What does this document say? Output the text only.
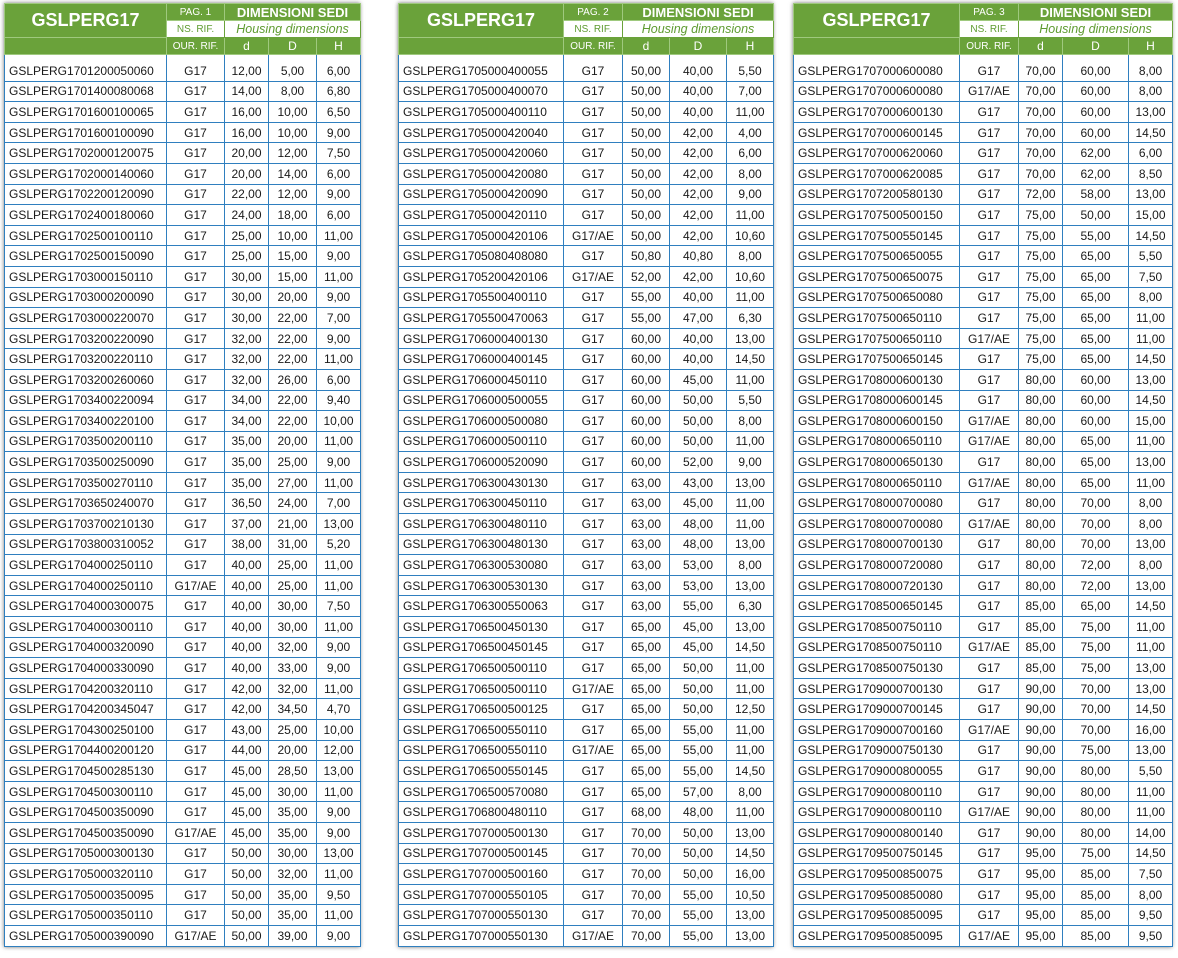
GSLPERG17	PAG. 1	DIMENSIONI SEDI		
	NS. RIF.	Housing dimensions		
	OUR. RIF.	d	D	H

GSLPERG1701200050060	G17	12,00	5,00	6,00
GSLPERG1701400080068	G17	14,00	8,00	6,80
GSLPERG1701600100065	G17	16,00	10,00	6,50
GSLPERG1701600100090	G17	16,00	10,00	9,00
GSLPERG1702000120075	G17	20,00	12,00	7,50
GSLPERG1702000140060	G17	20,00	14,00	6,00
GSLPERG1702200120090	G17	22,00	12,00	9,00
GSLPERG1702400180060	G17	24,00	18,00	6,00
GSLPERG1702500100110	G17	25,00	10,00	11,00
GSLPERG1702500150090	G17	25,00	15,00	9,00
GSLPERG1703000150110	G17	30,00	15,00	11,00
GSLPERG1703000200090	G17	30,00	20,00	9,00
GSLPERG1703000220070	G17	30,00	22,00	7,00
GSLPERG1703200220090	G17	32,00	22,00	9,00
GSLPERG1703200220110	G17	32,00	22,00	11,00
GSLPERG1703200260060	G17	32,00	26,00	6,00
GSLPERG1703400220094	G17	34,00	22,00	9,40
GSLPERG1703400220100	G17	34,00	22,00	10,00
GSLPERG1703500200110	G17	35,00	20,00	11,00
GSLPERG1703500250090	G17	35,00	25,00	9,00
GSLPERG1703500270110	G17	35,00	27,00	11,00
GSLPERG1703650240070	G17	36,50	24,00	7,00
GSLPERG1703700210130	G17	37,00	21,00	13,00
GSLPERG1703800310052	G17	38,00	31,00	5,20
GSLPERG1704000250110	G17	40,00	25,00	11,00
GSLPERG1704000250110	G17/AE	40,00	25,00	11,00
GSLPERG1704000300075	G17	40,00	30,00	7,50
GSLPERG1704000300110	G17	40,00	30,00	11,00
GSLPERG1704000320090	G17	40,00	32,00	9,00
GSLPERG1704000330090	G17	40,00	33,00	9,00
GSLPERG1704200320110	G17	42,00	32,00	11,00
GSLPERG1704200345047	G17	42,00	34,50	4,70
GSLPERG1704300250100	G17	43,00	25,00	10,00
GSLPERG1704400200120	G17	44,00	20,00	12,00
GSLPERG1704500285130	G17	45,00	28,50	13,00
GSLPERG1704500300110	G17	45,00	30,00	11,00
GSLPERG1704500350090	G17	45,00	35,00	9,00
GSLPERG1704500350090	G17/AE	45,00	35,00	9,00
GSLPERG1705000300130	G17	50,00	30,00	13,00
GSLPERG1705000320110	G17	50,00	32,00	11,00
GSLPERG1705000350095	G17	50,00	35,00	9,50
GSLPERG1705000350110	G17	50,00	35,00	11,00
GSLPERG1705000390090	G17/AE	50,00	39,00	9,00
GSLPERG17	PAG. 2	DIMENSIONI SEDI		
	NS. RIF.	Housing dimensions		
	OUR. RIF.	d	D	H

GSLPERG1705000400055	G17	50,00	40,00	5,50
GSLPERG1705000400070	G17	50,00	40,00	7,00
GSLPERG1705000400110	G17	50,00	40,00	11,00
GSLPERG1705000420040	G17	50,00	42,00	4,00
GSLPERG1705000420060	G17	50,00	42,00	6,00
GSLPERG1705000420080	G17	50,00	42,00	8,00
GSLPERG1705000420090	G17	50,00	42,00	9,00
GSLPERG1705000420110	G17	50,00	42,00	11,00
GSLPERG1705000420106	G17/AE	50,00	42,00	10,60
GSLPERG1705080408080	G17	50,80	40,80	8,00
GSLPERG1705200420106	G17/AE	52,00	42,00	10,60
GSLPERG1705500400110	G17	55,00	40,00	11,00
GSLPERG1705500470063	G17	55,00	47,00	6,30
GSLPERG1706000400130	G17	60,00	40,00	13,00
GSLPERG1706000400145	G17	60,00	40,00	14,50
GSLPERG1706000450110	G17	60,00	45,00	11,00
GSLPERG1706000500055	G17	60,00	50,00	5,50
GSLPERG1706000500080	G17	60,00	50,00	8,00
GSLPERG1706000500110	G17	60,00	50,00	11,00
GSLPERG1706000520090	G17	60,00	52,00	9,00
GSLPERG1706300430130	G17	63,00	43,00	13,00
GSLPERG1706300450110	G17	63,00	45,00	11,00
GSLPERG1706300480110	G17	63,00	48,00	11,00
GSLPERG1706300480130	G17	63,00	48,00	13,00
GSLPERG1706300530080	G17	63,00	53,00	8,00
GSLPERG1706300530130	G17	63,00	53,00	13,00
GSLPERG1706300550063	G17	63,00	55,00	6,30
GSLPERG1706500450130	G17	65,00	45,00	13,00
GSLPERG1706500450145	G17	65,00	45,00	14,50
GSLPERG1706500500110	G17	65,00	50,00	11,00
GSLPERG1706500500110	G17/AE	65,00	50,00	11,00
GSLPERG1706500500125	G17	65,00	50,00	12,50
GSLPERG1706500550110	G17	65,00	55,00	11,00
GSLPERG1706500550110	G17/AE	65,00	55,00	11,00
GSLPERG1706500550145	G17	65,00	55,00	14,50
GSLPERG1706500570080	G17	65,00	57,00	8,00
GSLPERG1706800480110	G17	68,00	48,00	11,00
GSLPERG1707000500130	G17	70,00	50,00	13,00
GSLPERG1707000500145	G17	70,00	50,00	14,50
GSLPERG1707000500160	G17	70,00	50,00	16,00
GSLPERG1707000550105	G17	70,00	55,00	10,50
GSLPERG1707000550130	G17	70,00	55,00	13,00
GSLPERG1707000550130	G17/AE	70,00	55,00	13,00
GSLPERG17	PAG. 3	DIMENSIONI SEDI		
	NS. RIF.	Housing dimensions		
	OUR. RIF.	d	D	H

GSLPERG1707000600080	G17	70,00	60,00	8,00
GSLPERG1707000600080	G17/AE	70,00	60,00	8,00
GSLPERG1707000600130	G17	70,00	60,00	13,00
GSLPERG1707000600145	G17	70,00	60,00	14,50
GSLPERG1707000620060	G17	70,00	62,00	6,00
GSLPERG1707000620085	G17	70,00	62,00	8,50
GSLPERG1707200580130	G17	72,00	58,00	13,00
GSLPERG1707500500150	G17	75,00	50,00	15,00
GSLPERG1707500550145	G17	75,00	55,00	14,50
GSLPERG1707500650055	G17	75,00	65,00	5,50
GSLPERG1707500650075	G17	75,00	65,00	7,50
GSLPERG1707500650080	G17	75,00	65,00	8,00
GSLPERG1707500650110	G17	75,00	65,00	11,00
GSLPERG1707500650110	G17/AE	75,00	65,00	11,00
GSLPERG1707500650145	G17	75,00	65,00	14,50
GSLPERG1708000600130	G17	80,00	60,00	13,00
GSLPERG1708000600145	G17	80,00	60,00	14,50
GSLPERG1708000600150	G17/AE	80,00	60,00	15,00
GSLPERG1708000650110	G17/AE	80,00	65,00	11,00
GSLPERG1708000650130	G17	80,00	65,00	13,00
GSLPERG1708000650110	G17/AE	80,00	65,00	11,00
GSLPERG1708000700080	G17	80,00	70,00	8,00
GSLPERG1708000700080	G17/AE	80,00	70,00	8,00
GSLPERG1708000700130	G17	80,00	70,00	13,00
GSLPERG1708000720080	G17	80,00	72,00	8,00
GSLPERG1708000720130	G17	80,00	72,00	13,00
GSLPERG1708500650145	G17	85,00	65,00	14,50
GSLPERG1708500750110	G17	85,00	75,00	11,00
GSLPERG1708500750110	G17/AE	85,00	75,00	11,00
GSLPERG1708500750130	G17	85,00	75,00	13,00
GSLPERG1709000700130	G17	90,00	70,00	13,00
GSLPERG1709000700145	G17	90,00	70,00	14,50
GSLPERG1709000700160	G17/AE	90,00	70,00	16,00
GSLPERG1709000750130	G17	90,00	75,00	13,00
GSLPERG1709000800055	G17	90,00	80,00	5,50
GSLPERG1709000800110	G17	90,00	80,00	11,00
GSLPERG1709000800110	G17/AE	90,00	80,00	11,00
GSLPERG1709000800140	G17	90,00	80,00	14,00
GSLPERG1709500750145	G17	95,00	75,00	14,50
GSLPERG1709500850075	G17	95,00	85,00	7,50
GSLPERG1709500850080	G17	95,00	85,00	8,00
GSLPERG1709500850095	G17	95,00	85,00	9,50
GSLPERG1709500850095	G17/AE	95,00	85,00	9,50
